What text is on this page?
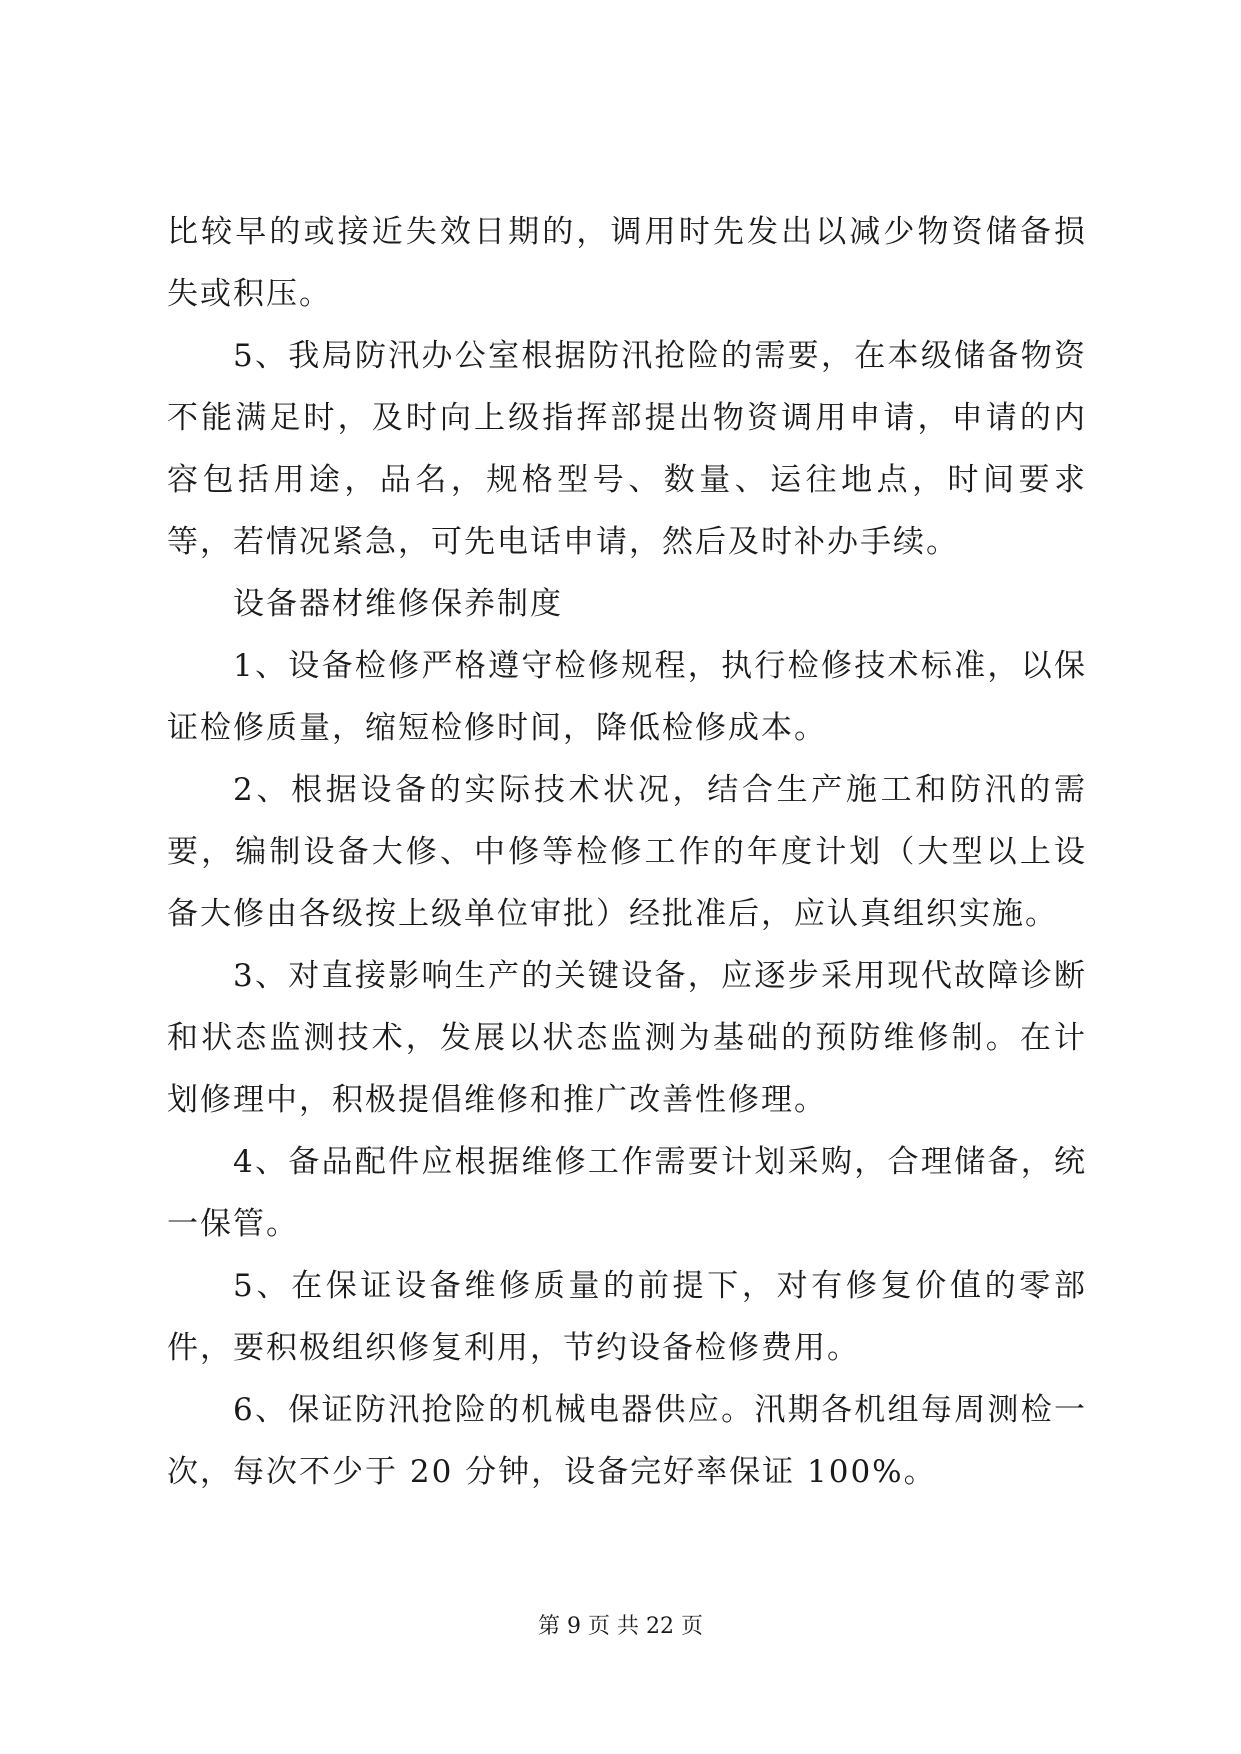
比较早的或接近失效日期的，调用时先发出以减少物资储备损失或积压。

5、我局防汛办公室根据防汛抢险的需要，在本级储备物资不能满足时，及时向上级指挥部提出物资调用申请，申请的内容包括用途，品名，规格型号、数量、运往地点，时间要求等，若情况紧急，可先电话申请，然后及时补办手续。

设备器材维修保养制度

1、设备检修严格遵守检修规程，执行检修技术标准，以保证检修质量，缩短检修时间，降低检修成本。

2、根据设备的实际技术状况，结合生产施工和防汛的需要，编制设备大修、中修等检修工作的年度计划（大型以上设备大修由各级按上级单位审批）经批准后，应认真组织实施。

3、对直接影响生产的关键设备，应逐步采用现代故障诊断和状态监测技术，发展以状态监测为基础的预防维修制。在计划修理中，积极提倡维修和推广改善性修理。

4、备品配件应根据维修工作需要计划采购，合理储备，统一保管。

5、在保证设备维修质量的前提下，对有修复价值的零部件，要积极组织修复利用，节约设备检修费用。

6、保证防汛抢险的机械电器供应。汛期各机组每周测检一次，每次不少于 20 分钟，设备完好率保证 100%。

第 9 页 共 22 页
